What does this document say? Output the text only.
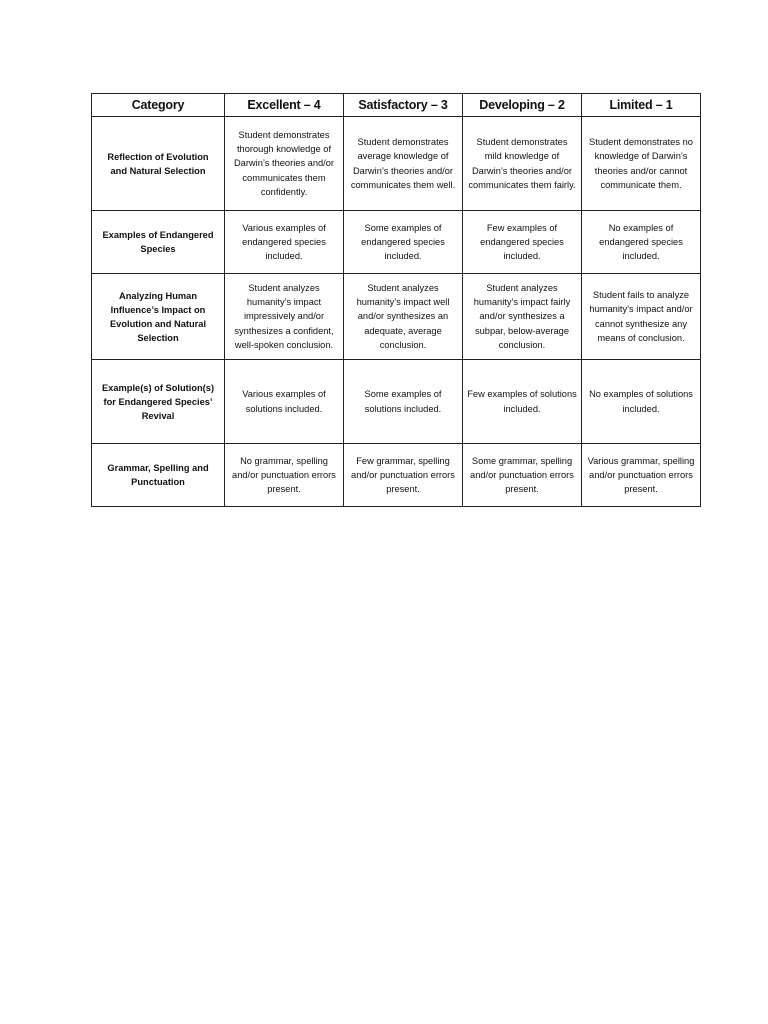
Category	Excellent – 4	Satisfactory – 3	Developing – 2	Limited – 1
Reflection of Evolution and Natural Selection	Student demonstrates thorough knowledge of Darwin’s theories and/or communicates them confidently.	Student demonstrates average knowledge of Darwin’s theories and/or communicates them well.	Student demonstrates mild knowledge of Darwin’s theories and/or communicates them fairly.	Student demonstrates no knowledge of Darwin’s theories and/or cannot communicate them.
Examples of Endangered Species	Various examples of endangered species included.	Some examples of endangered species included.	Few examples of endangered species included.	No examples of endangered species included.
Analyzing Human Influence’s Impact on Evolution and Natural Selection	Student analyzes humanity’s impact impressively and/or synthesizes a confident, well-spoken conclusion.	Student analyzes humanity’s impact well and/or synthesizes an adequate, average conclusion.	Student analyzes humanity’s impact fairly and/or synthesizes a subpar, below-average conclusion.	Student fails to analyze humanity’s impact and/or cannot synthesize any means of conclusion.
Example(s) of Solution(s) for Endangered Species’ Revival	Various examples of solutions included.	Some examples of solutions included.	Few examples of solutions included.	No examples of solutions included.
Grammar, Spelling and Punctuation	No grammar, spelling and/or punctuation errors present.	Few grammar, spelling and/or punctuation errors present.	Some grammar, spelling and/or punctuation errors present.	Various grammar, spelling and/or punctuation errors present.
